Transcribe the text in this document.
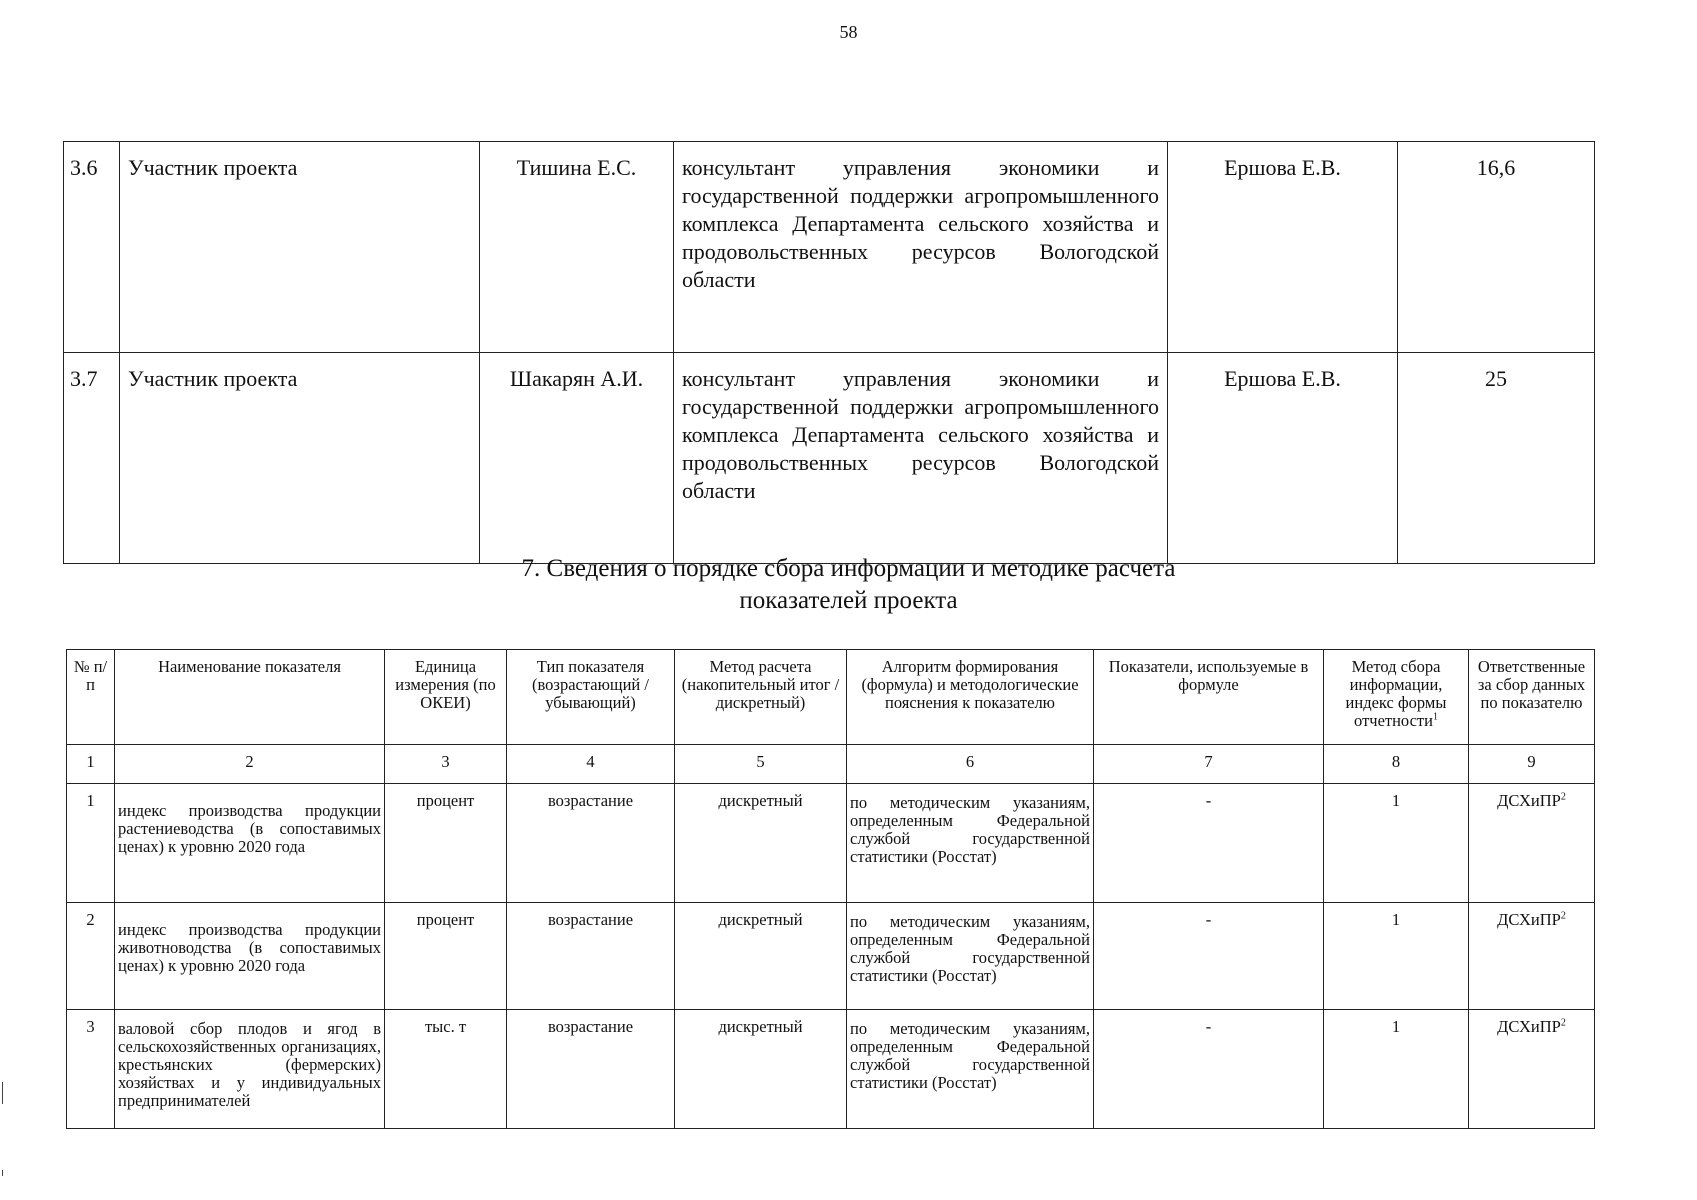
58
3.6	Участник проекта	Тишина Е.С.	консультант управления экономики и государственной поддержки агропромышленного комплекса Департамента сельского хозяйства и продовольственных ресурсов Вологодской области	Ершова Е.В.	16,6
3.7	Участник проекта	Шакарян А.И.	консультант управления экономики и государственной поддержки агропромышленного комплекса Департамента сельского хозяйства и продовольственных ресурсов Вологодской области	Ершова Е.В.	25
7. Сведения о порядке сбора информации и методике расчета
показателей проекта
№ п/п	Наименование показателя	Единица измерения (по ОКЕИ)	Тип показателя (возрастающий /убывающий)	Метод расчета (накопительный итог / дискретный)	Алгоритм формирования (формула) и методологические пояснения к показателю	Показатели, используемые в формуле	Метод сбора информации, индекс формы отчетности$^1$	Ответственные за сбор данных по показателю
1	2	3	4	5	6	7	8	9
1	индекс производства продукции растениеводства (в сопоставимых ценах) к уровню 2020 года	процент	возрастание	дискретный	по методическим указаниям, определенным Федеральной службой государственной статистики (Росстат)	-	1	ДСХиПР$^2$
2	индекс производства продукции животноводства (в сопоставимых ценах) к уровню 2020 года	процент	возрастание	дискретный	по методическим указаниям, определенным Федеральной службой государственной статистики (Росстат)	-	1	ДСХиПР$^2$
3	валовой сбор плодов и ягод в сельскохозяйственных организациях, крестьянских (фермерских) хозяйствах и у индивидуальных предпринимателей	тыс. т	возрастание	дискретный	по методическим указаниям, определенным Федеральной службой государственной статистики (Росстат)	-	1	ДСХиПР$^2$
